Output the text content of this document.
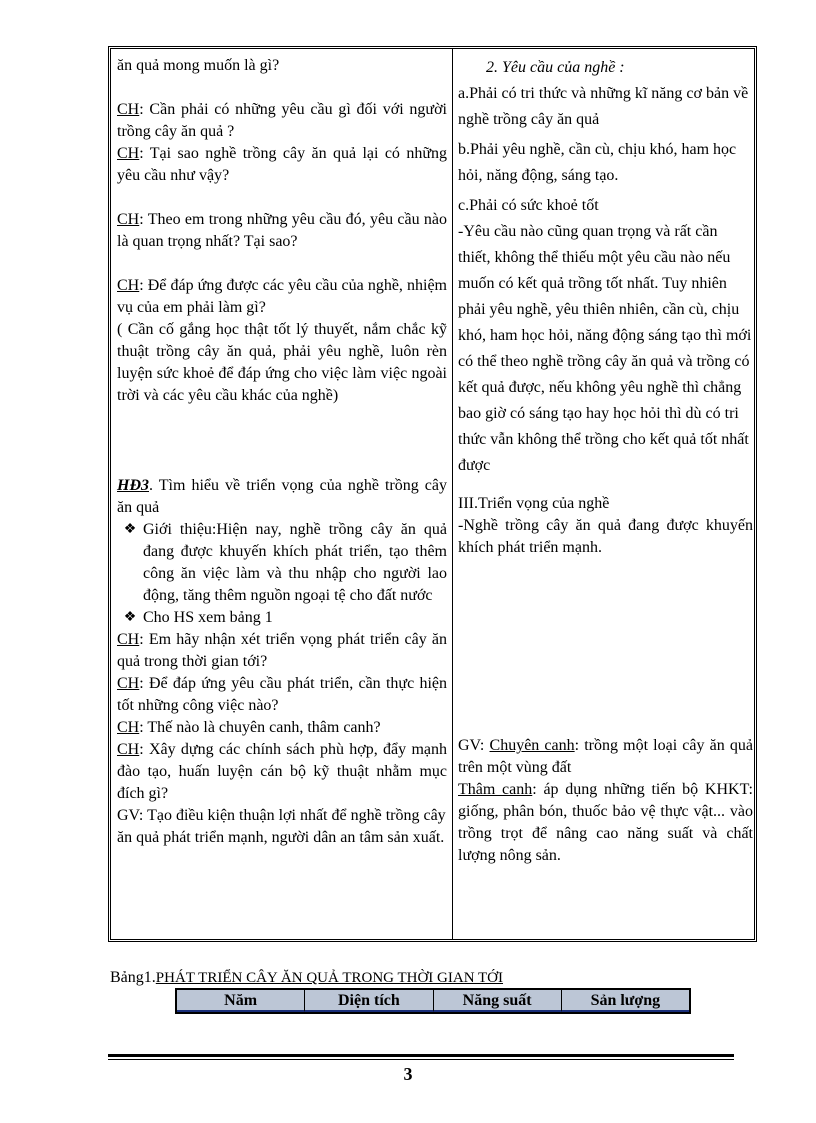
ăn quả mong muốn là gì?
CH: Cần phải có những yêu cầu gì đối với người trồng cây ăn quả ?
CH: Tại sao nghề trồng cây ăn quả lại có những yêu cầu như vậy?
CH: Theo em trong những yêu cầu đó, yêu cầu nào là quan trọng nhất? Tại sao?
CH: Để đáp ứng được các yêu cầu của nghề, nhiệm vụ của em phải làm gì?
( Cần cố gắng học thật tốt lý thuyết, nắm chắc kỹ thuật trồng cây ăn quả, phải yêu nghề, luôn rèn luyện sức khoẻ để đáp ứng cho việc làm việc ngoài trời và các yêu cầu khác của nghề)
HĐ3. Tìm hiểu về triển vọng của nghề trồng cây ăn quả
❖ Giới thiệu:Hiện nay, nghề trồng cây ăn quả đang được khuyến khích phát triển, tạo thêm công ăn việc làm và thu nhập cho người lao động, tăng thêm nguồn ngoại tệ cho đất nước
❖ Cho HS xem bảng 1
CH: Em hãy nhận xét triển vọng phát triển cây ăn quả trong thời gian tới?
CH: Để đáp ứng yêu cầu phát triển, cần thực hiện tốt những công việc nào?
CH: Thế nào là chuyên canh, thâm canh?
CH: Xây dựng các chính sách phù hợp, đẩy mạnh đào tạo, huấn luyện cán bộ kỹ thuật nhằm mục đích gì?
GV: Tạo điều kiện thuận lợi nhất để nghề trồng cây ăn quả phát triển mạnh, người dân an tâm sản xuất.
2. Yêu cầu của nghề :
a.Phải có tri thức và những kĩ năng cơ bản về nghề trồng cây ăn quả
b.Phải yêu nghề, cần cù, chịu khó, ham học hỏi, năng động, sáng tạo.
c.Phải có sức khoẻ tốt
-Yêu cầu nào cũng quan trọng và rất cần thiết, không thể thiếu một yêu cầu nào nếu muốn có kết quả trồng tốt nhất. Tuy nhiên phải yêu nghề, yêu thiên nhiên, cần cù, chịu khó, ham học hỏi, năng động sáng tạo thì mới có thể theo nghề trồng cây ăn quả và trồng có kết quả được, nếu không yêu nghề thì chẳng bao giờ có sáng tạo hay học hỏi thì dù có tri thức vẫn không thể trồng cho kết quả tốt nhất được
III.Triển vọng của nghề
-Nghề trồng cây ăn quả đang được khuyến khích phát triển mạnh.
GV: Chuyên canh: trồng một loại cây ăn quả trên một vùng đất
Thâm canh: áp dụng những tiến bộ KHKT: giống, phân bón, thuốc bảo vệ thực vật... vào trồng trọt để nâng cao năng suất và chất lượng nông sản.
Bảng1.PHÁT TRIỂN CÂY ĂN QUẢ TRONG THỜI GIAN TỚI
Năm	Diện tích	Năng suất	Sản lượng
3
